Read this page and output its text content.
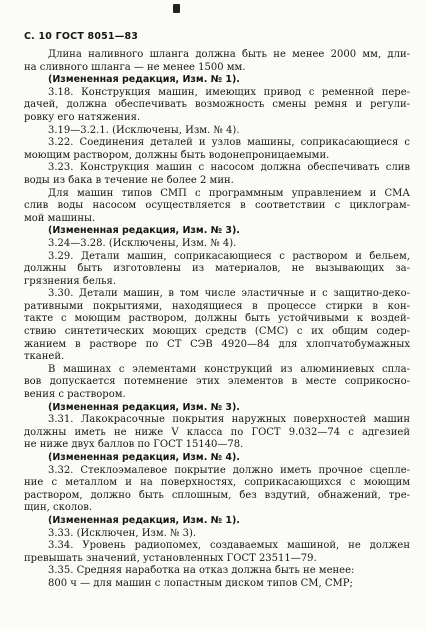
С. 10 ГОСТ 8051—83
Длина наливного шланга должна быть не менее 2000 мм, дли-
на сливного шланга — не менее 1500 мм.
(Измененная редакция, Изм. № 1).
3.18. Конструкция машин, имеющих привод с ременной пере-
дачей, должна обеспечивать возможность смены ремня и регули-
ровку его натяжения.
3.19—3.2.1. (Исключены, Изм. № 4).
3.22. Соединения деталей и узлов машины, соприкасающиеся с
моющим раствором, должны быть водонепроницаемыми.
3.23. Конструкция машин с насосом должна обеспечивать слив
воды из бака в течение не более 2 мин.
Для машин типов СМП с программным управлением и СМА
слив воды насосом осуществляется в соответствии с циклограм-
мой машины.
(Измененная редакция, Изм. № 3).
3.24—3.28. (Исключены, Изм. № 4).
3.29. Детали машин, соприкасающиеся с раствором и бельем,
должны быть изготовлены из материалов, не вызывающих за-
грязнения белья.
3.30. Детали машин, в том числе эластичные и с защитно-деко-
ративными покрытиями, находящиеся в процессе стирки в кон-
такте с моющим раствором, должны быть устойчивыми к воздей-
ствию синтетических моющих средств (СМС) с их общим содер-
жанием в растворе по СТ СЭВ 4920—84 для хлопчатобумажных
тканей.
В машинах с элементами конструкций из алюминиевых спла-
вов допускается потемнение этих элементов в месте соприкосно-
вения с раствором.
(Измененная редакция, Изм. № 3).
3.31. Лакокрасочные покрытия наружных поверхностей машин
должны иметь не ниже V класса по ГОСТ 9.032—74 с адгезией
не ниже двух баллов по ГОСТ 15140—78.
(Измененная редакция, Изм. № 4).
3.32. Стеклоэмалевое покрытие должно иметь прочное сцепле-
ние с металлом и на поверхностях, соприкасающихся с моющим
раствором, должно быть сплошным, без вздутий, обнажений, тре-
щин, сколов.
(Измененная редакция, Изм. № 1).
3.33. (Исключен, Изм. № 3).
3.34. Уровень радиопомех, создаваемых машиной, не должен
превышать значений, установленных ГОСТ 23511—79.
3.35. Средняя наработка на отказ должна быть не менее:
800 ч — для машин с лопастным диском типов СМ, СМР;
